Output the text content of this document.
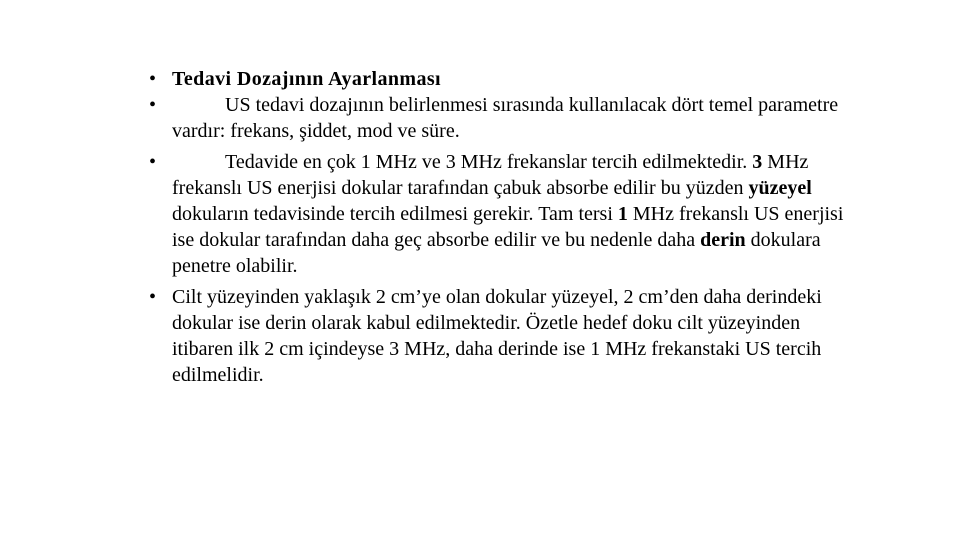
• Tedavi Dozajının Ayarlanması
•	US tedavi dozajının belirlenmesi sırasında kullanılacak dört temel parametre vardır: frekans, şiddet, mod ve süre.
•	Tedavide en çok 1 MHz ve 3 MHz frekanslar tercih edilmektedir. 3 MHz frekanslı US enerjisi dokular tarafından çabuk absorbe edilir bu yüzden yüzeyel dokuların tedavisinde tercih edilmesi gerekir. Tam tersi 1 MHz frekanslı US enerjisi ise dokular tarafından daha geç absorbe edilir ve bu nedenle daha derin dokulara penetre olabilir.
• Cilt yüzeyinden yaklaşık 2 cm’ye olan dokular yüzeyel, 2 cm’den daha derindeki dokular ise derin olarak kabul edilmektedir. Özetle hedef doku cilt yüzeyinden itibaren ilk 2 cm içindeyse 3 MHz, daha derinde ise 1 MHz frekanstaki US tercih edilmelidir.
